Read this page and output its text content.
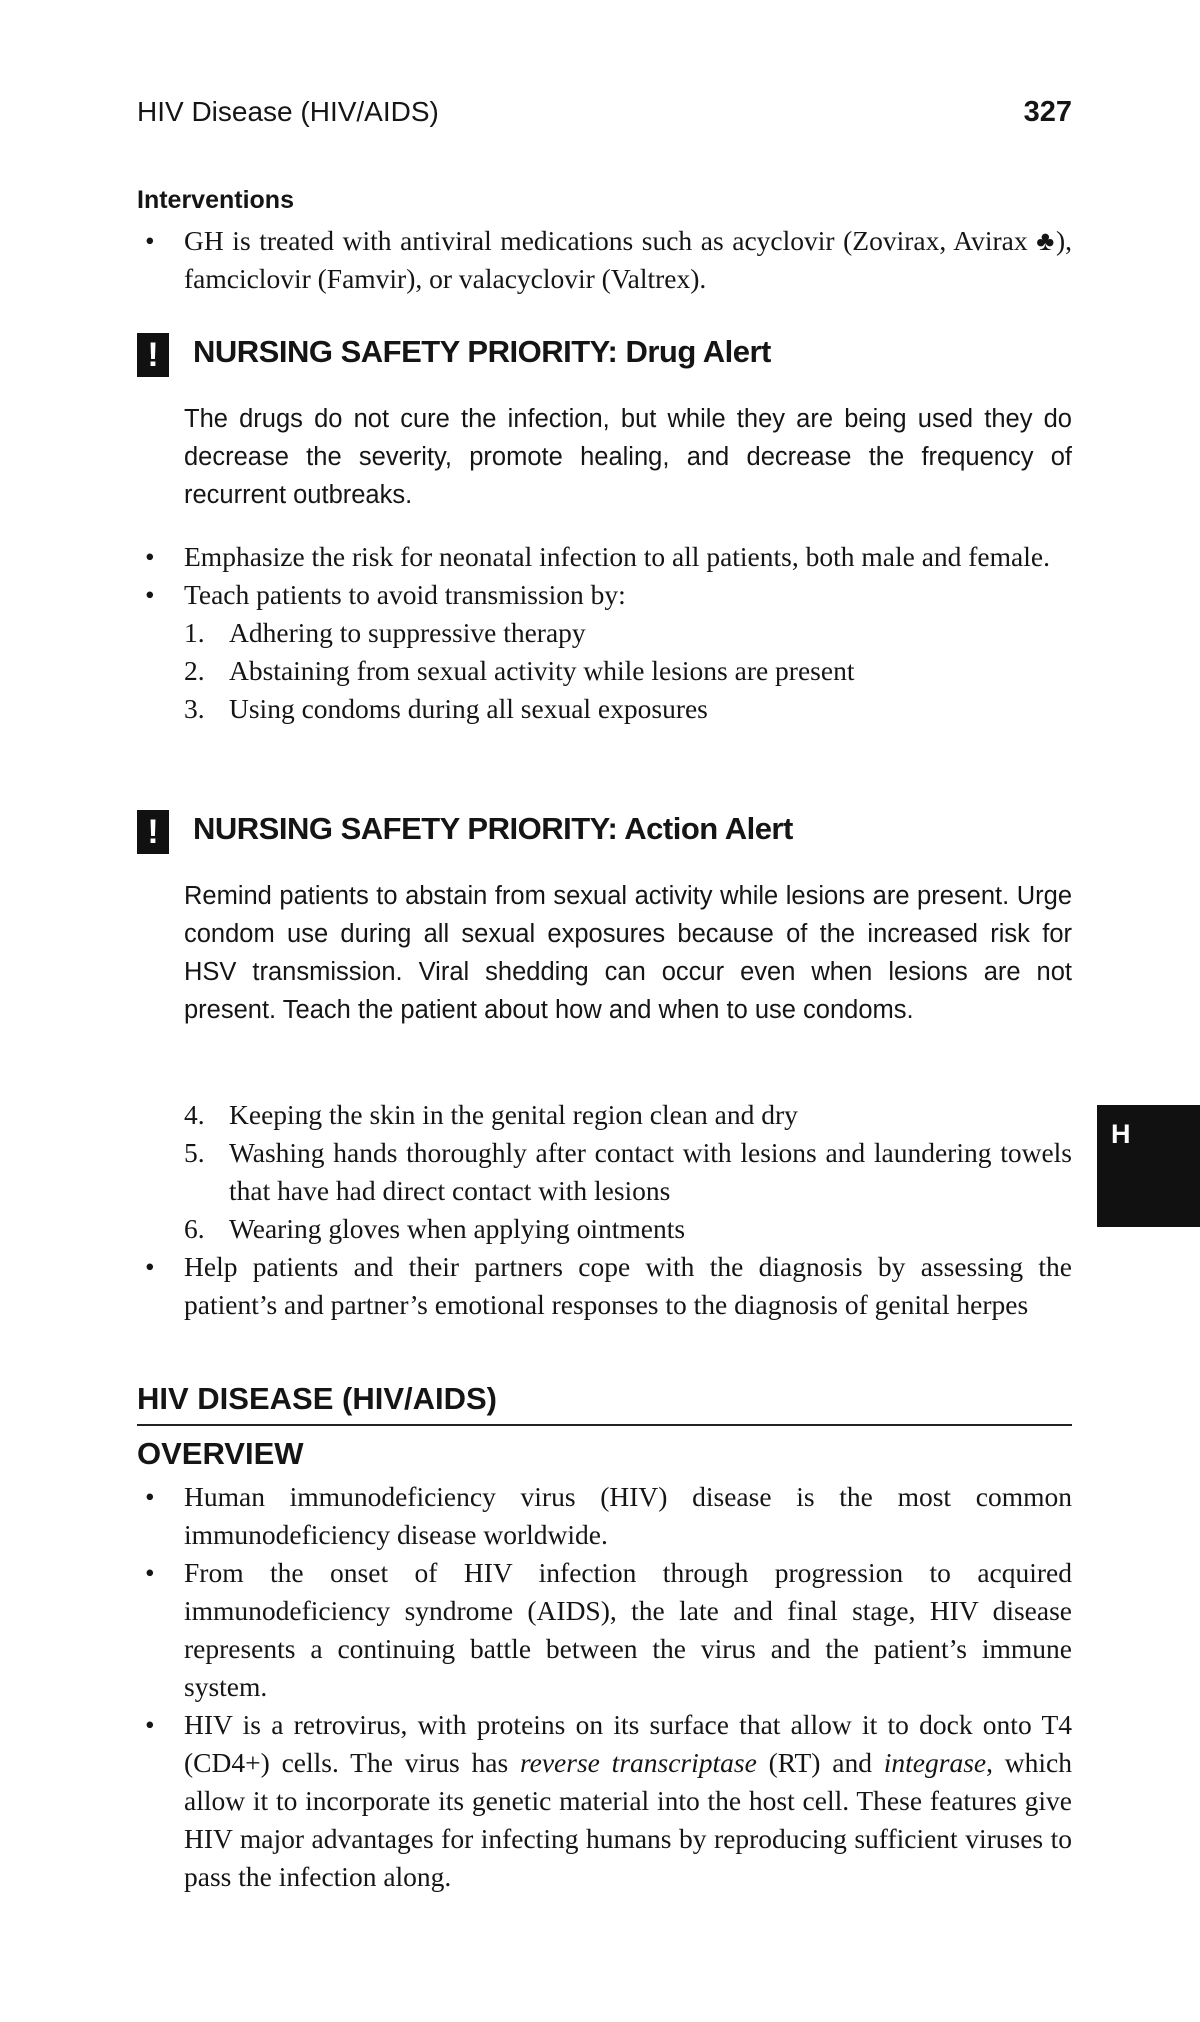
HIV Disease (HIV/AIDS)	327
Interventions
• GH is treated with antiviral medications such as acyclovir (Zovirax, Avirax ♣), famciclovir (Famvir), or valacyclovir (Valtrex).
!	NURSING SAFETY PRIORITY: Drug Alert
The drugs do not cure the infection, but while they are being used they do decrease the severity, promote healing, and decrease the frequency of recurrent outbreaks.
• Emphasize the risk for neonatal infection to all patients, both male and female.
• Teach patients to avoid transmission by:
1. Adhering to suppressive therapy
2. Abstaining from sexual activity while lesions are present
3. Using condoms during all sexual exposures
!	NURSING SAFETY PRIORITY: Action Alert
Remind patients to abstain from sexual activity while lesions are present. Urge condom use during all sexual exposures because of the increased risk for HSV transmission. Viral shedding can occur even when lesions are not present. Teach the patient about how and when to use condoms.
4. Keeping the skin in the genital region clean and dry
5. Washing hands thoroughly after contact with lesions and laundering towels that have had direct contact with lesions
6. Wearing gloves when applying ointments
• Help patients and their partners cope with the diagnosis by assessing the patient’s and partner’s emotional responses to the diagnosis of genital herpes
HIV DISEASE (HIV/AIDS)
OVERVIEW
• Human immunodeficiency virus (HIV) disease is the most common immunodeficiency disease worldwide.
• From the onset of HIV infection through progression to acquired immunodeficiency syndrome (AIDS), the late and final stage, HIV disease represents a continuing battle between the virus and the patient’s immune system.
• HIV is a retrovirus, with proteins on its surface that allow it to dock onto T4 (CD4+) cells. The virus has reverse transcriptase (RT) and integrase, which allow it to incorporate its genetic material into the host cell. These features give HIV major advantages for infecting humans by reproducing sufficient viruses to pass the infection along.
H
